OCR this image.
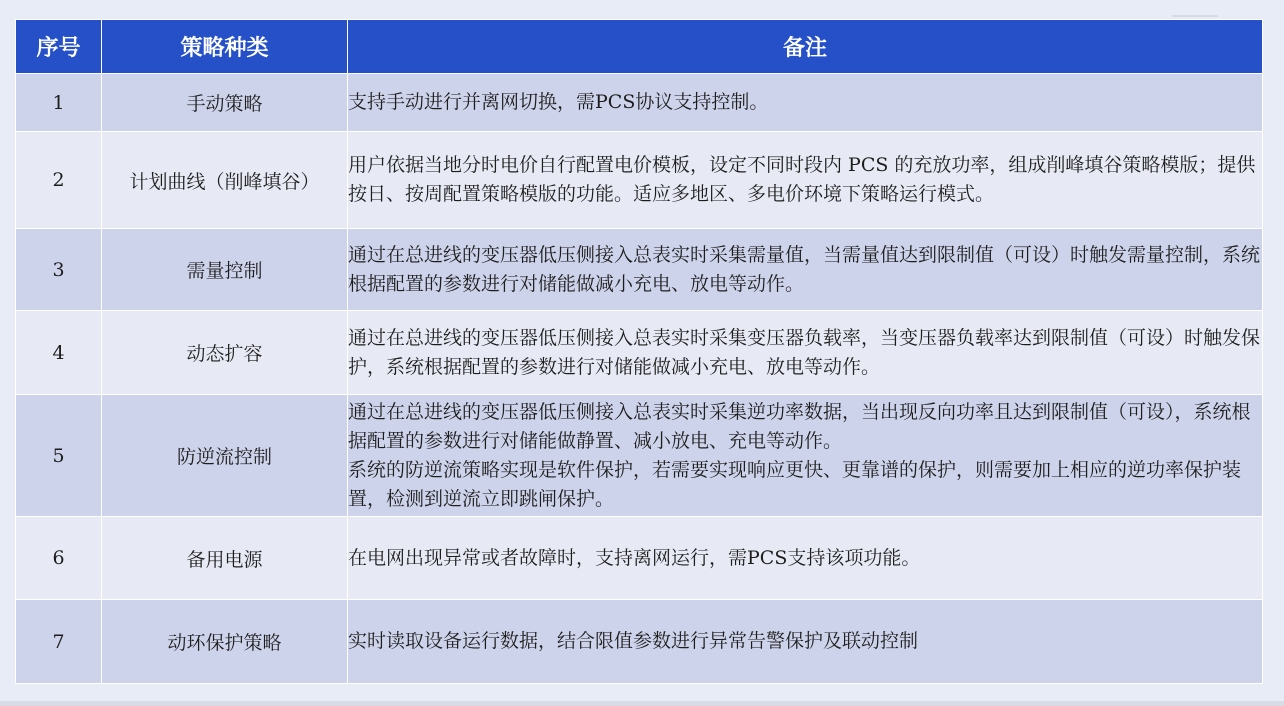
序号	策略种类	备注
1	手动策略	支持手动进行并离网切换，需PCS协议支持控制。

2	计划曲线（削峰填谷）	用户依据当地分时电价自行配置电价模板，设定不同时段内 PCS 的充放功率，组成削峰填谷策略模版；提供按日、按周配置策略模版的功能。适应多地区、多电价环境下策略运行模式。

3	需量控制	通过在总进线的变压器低压侧接入总表实时采集需量值，当需量值达到限制值（可设）时触发需量控制，系统根据配置的参数进行对储能做减小充电、放电等动作。

4	动态扩容	通过在总进线的变压器低压侧接入总表实时采集变压器负载率，当变压器负载率达到限制值（可设）时触发保护，系统根据配置的参数进行对储能做减小充电、放电等动作。

5	防逆流控制	通过在总进线的变压器低压侧接入总表实时采集逆功率数据，当出现反向功率且达到限制值（可设），系统根据配置的参数进行对储能做静置、减小放电、充电等动作。
系统的防逆流策略实现是软件保护，若需要实现响应更快、更靠谱的保护，则需要加上相应的逆功率保护装置，检测到逆流立即跳闸保护。

6	备用电源	在电网出现异常或者故障时，支持离网运行，需PCS支持该项功能。

7	动环保护策略	实时读取设备运行数据，结合限值参数进行异常告警保护及联动控制
